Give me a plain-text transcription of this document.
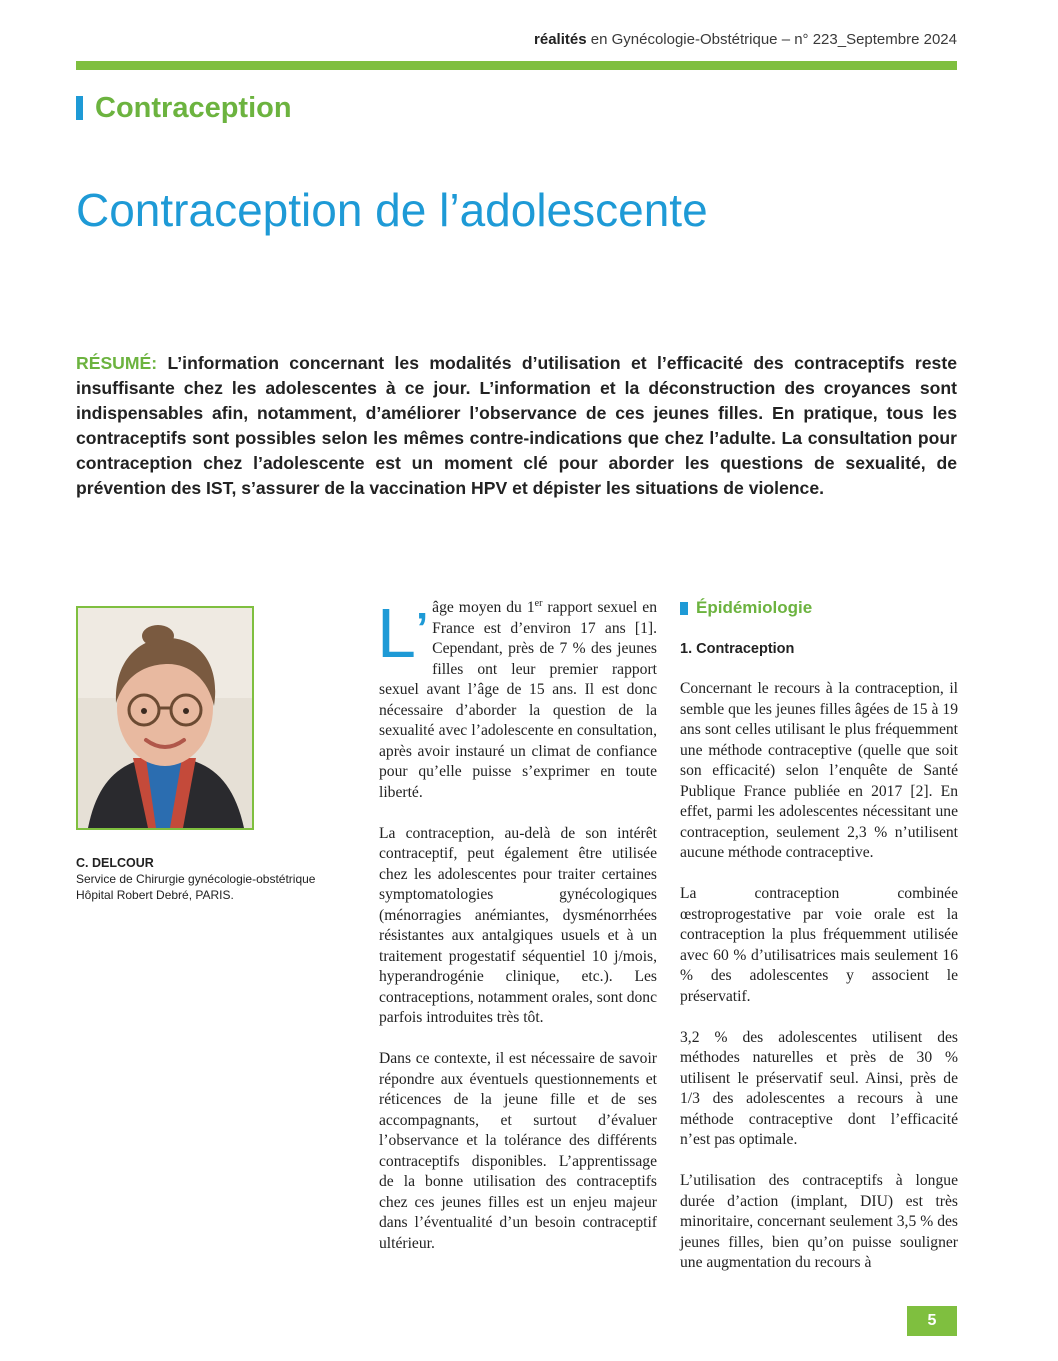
réalités en Gynécologie-Obstétrique – n° 223_Septembre 2024
Contraception
Contraception de l’adolescente

RÉSUMÉ: L’information concernant les modalités d’utilisation et l’efficacité des contraceptifs reste insuffisante chez les adolescentes à ce jour. L’information et la déconstruction des croyances sont indispensables afin, notamment, d’améliorer l’observance de ces jeunes filles. En pratique, tous les contraceptifs sont possibles selon les mêmes contre-indications que chez l’adulte. La consultation pour contraception chez l’adolescente est un moment clé pour aborder les questions de sexualité, de prévention des IST, s’assurer de la vaccination HPV et dépister les situations de violence.

C. DELCOUR
Service de Chirurgie gynécologie-obstétrique
Hôpital Robert Debré, PARIS.

L’ âge moyen du 1er rapport sexuel en France est d’environ 17 ans [1]. Cependant, près de 7 % des jeunes filles ont leur premier rapport sexuel avant l’âge de 15 ans. Il est donc nécessaire d’aborder la question de la sexualité avec l’adolescente en consultation, après avoir instauré un climat de confiance pour qu’elle puisse s’exprimer en toute liberté.

La contraception, au-delà de son intérêt contraceptif, peut également être utilisée chez les adolescentes pour traiter certaines symptomatologies gynécologiques (ménorragies anémiantes, dysménorrhées résistantes aux antalgiques usuels et à un traitement progestatif séquentiel 10 j/mois, hyperandrogénie clinique, etc.). Les contraceptions, notamment orales, sont donc parfois introduites très tôt.

Dans ce contexte, il est nécessaire de savoir répondre aux éventuels questionnements et réticences de la jeune fille et de ses accompagnants, et surtout d’évaluer l’observance et la tolérance des différents contraceptifs disponibles. L’apprentissage de la bonne utilisation des contraceptifs chez ces jeunes filles est un enjeu majeur dans l’éventualité d’un besoin contraceptif ultérieur.

Épidémiologie
1. Contraception

Concernant le recours à la contraception, il semble que les jeunes filles âgées de 15 à 19 ans sont celles utilisant le plus fréquemment une méthode contraceptive (quelle que soit son efficacité) selon l’enquête de Santé Publique France publiée en 2017 [2]. En effet, parmi les adolescentes nécessitant une contraception, seulement 2,3 % n’utilisent aucune méthode contraceptive.

La contraception combinée œstroprogestative par voie orale est la contraception la plus fréquemment utilisée avec 60 % d’utilisatrices mais seulement 16 % des adolescentes y associent le préservatif.

3,2 % des adolescentes utilisent des méthodes naturelles et près de 30 % utilisent le préservatif seul. Ainsi, près de 1/3 des adolescentes a recours à une méthode contraceptive dont l’efficacité n’est pas optimale.

L’utilisation des contraceptifs à longue durée d’action (implant, DIU) est très minoritaire, concernant seulement 3,5 % des jeunes filles, bien qu’on puisse souligner une augmentation du recours à

5
